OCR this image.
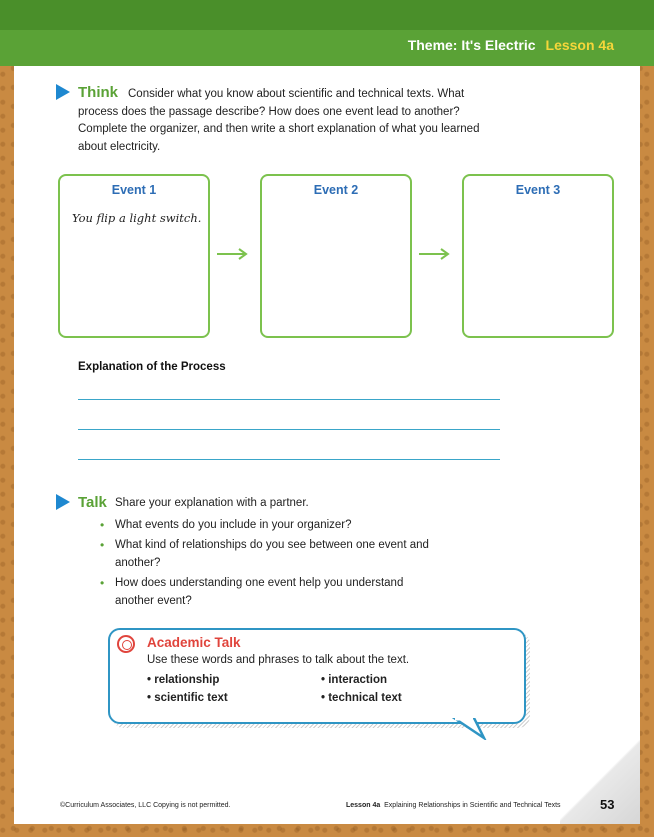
Theme: It's Electric Lesson 4a
Think Consider what you know about scientific and technical texts. What process does the passage describe? How does one event lead to another? Complete the organizer, and then write a short explanation of what you learned about electricity.
Event 1
You flip a light switch.
Event 2	Event 3
Explanation of the Process
Talk Share your explanation with a partner.
• What events do you include in your organizer?
• What kind of relationships do you see between one event and another?
• How does understanding one event help you understand another event?
Academic Talk
Use these words and phrases to talk about the text.
• relationship	• interaction
• scientific text	• technical text
©Curriculum Associates, LLC Copying is not permitted.	Lesson 4a Explaining Relationships in Scientific and Technical Texts	53
